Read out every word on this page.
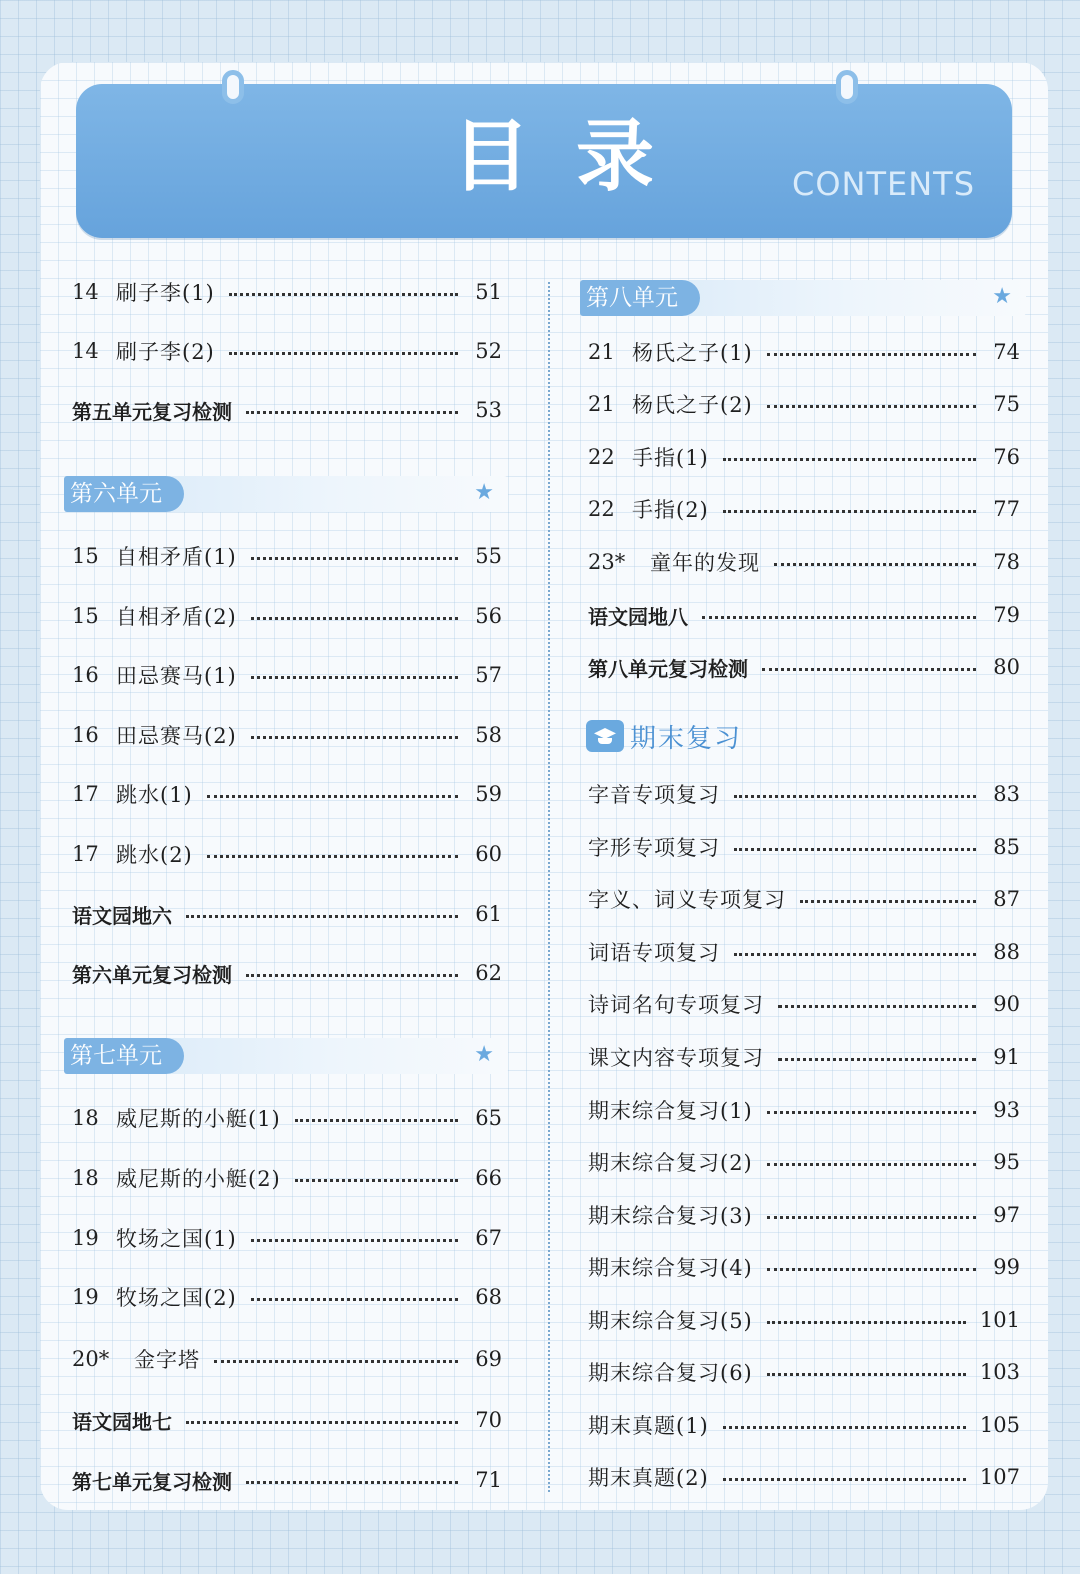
目录	CONTENTS
14 刷子李(1)	51
14 刷子李(2)	52
第五单元复习检测	53
第六单元	★
15 自相矛盾(1)	55
15 自相矛盾(2)	56
16 田忌赛马(1)	57
16 田忌赛马(2)	58
17 跳水(1)	59
17 跳水(2)	60
语文园地六	61
第六单元复习检测	62
第七单元	★
18 威尼斯的小艇(1)	65
18 威尼斯的小艇(2)	66
19 牧场之国(1)	67
19 牧场之国(2)	68
20*	金字塔	69
语文园地七	70
第七单元复习检测	71
第八单元	★
21 杨氏之子(1)	74
21 杨氏之子(2)	75
22 手指(1)	76
22 手指(2)	77
23*	童年的发现	78
语文园地八	79
第八单元复习检测	80
期末复习
字音专项复习	83
字形专项复习	85
字义、词义专项复习	87
词语专项复习	88
诗词名句专项复习	90
课文内容专项复习	91
期末综合复习(1)	93
期末综合复习(2)	95
期末综合复习(3)	97
期末综合复习(4)	99
期末综合复习(5)	101
期末综合复习(6)	103
期末真题(1)	105
期末真题(2)	107
